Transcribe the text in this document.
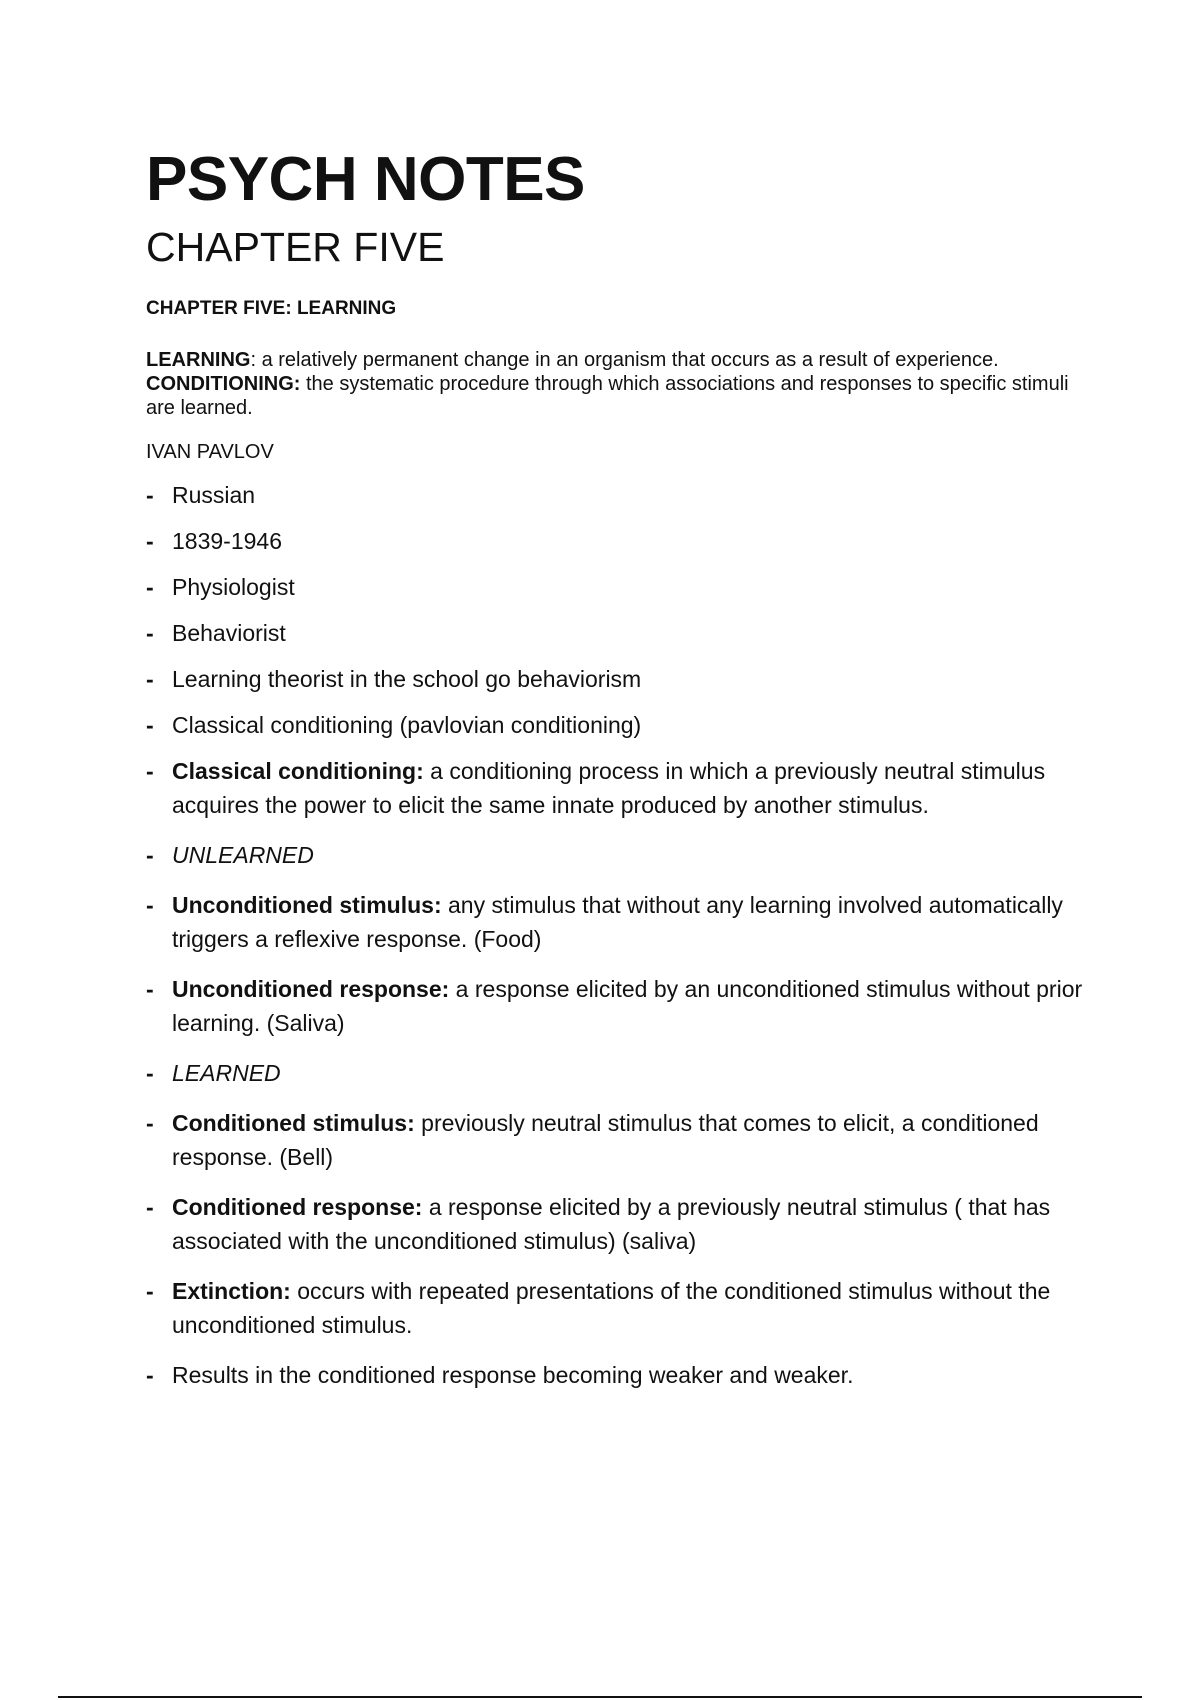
PSYCH NOTES
CHAPTER FIVE
CHAPTER FIVE: LEARNING

LEARNING: a relatively permanent change in an organism that occurs as a result of experience.

CONDITIONING: the systematic procedure through which associations and responses to specific stimuli are learned.

IVAN PAVLOV
- Russian
- 1839-1946
- Physiologist
- Behaviorist
- Learning theorist in the school go behaviorism
- Classical conditioning (pavlovian conditioning)
- Classical conditioning: a conditioning process in which a previously neutral stimulus acquires the power to elicit the same innate produced by another stimulus.
- UNLEARNED
- Unconditioned stimulus: any stimulus that without any learning involved automatically triggers a reflexive response. (Food)
- Unconditioned response: a response elicited by an unconditioned stimulus without prior learning. (Saliva)
- LEARNED
- Conditioned stimulus: previously neutral stimulus that comes to elicit, a conditioned response. (Bell)
- Conditioned response: a response elicited by a previously neutral stimulus ( that has associated with the unconditioned stimulus) (saliva)
- Extinction: occurs with repeated presentations of the conditioned stimulus without the unconditioned stimulus.
- Results in the conditioned response becoming weaker and weaker.
